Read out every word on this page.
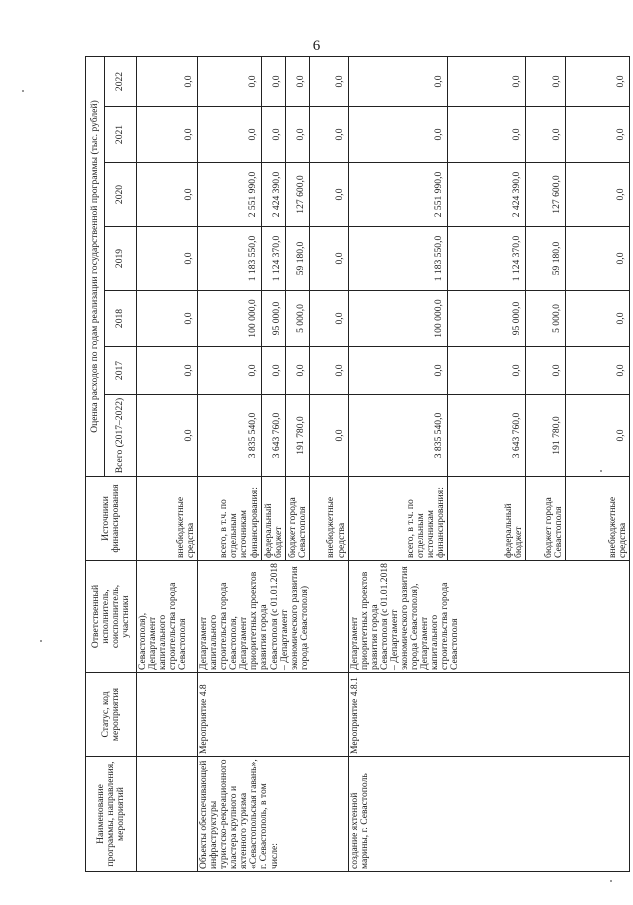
6
Наименование программы, направления, мероприятий	Статус, код мероприятия	Ответственный исполнитель, соисполнитель, участники	Источники финансирования	Оценка расходов по годам реализации государственной программы (тыс. рублей)						
				Всего (2017–2022)	2017	2018	2019	2020	2021	2022
		Севастополя), Департамент капитального строительства города Севастополя	внебюджетные средства	0,0	0,0	0,0	0,0	0,0	0,0	0,0
Объекты обеспечивающей инфраструктуры туристско-рекреационного кластера крупного и яхтенного туризма «Севастопольская гавань», г. Севастополь, в том числе:	Мероприятие 4.8	Департамент капитального строительства города Севастополя, Департамент приоритетных проектов развития города Севастополя (с 01.01.2018 – Департамент экономического развития города Севастополя)	всего, в т.ч. по отдельным источникам финансирования:	3 835 540,0	0,0	100 000,0	1 183 550,0	2 551 990,0	0,0	0,0
			федеральный бюджет	3 643 760,0	0,0	95 000,0	1 124 370,0	2 424 390,0	0,0	0,0
			бюджет города Севастополя	191 780,0	0,0	5 000,0	59 180,0	127 600,0	0,0	0,0
			внебюджетные средства	0,0	0,0	0,0	0,0	0,0	0,0	0,0
создание яхтенной марины, г. Севастополь	Мероприятие 4.8.1	Департамент приоритетных проектов развития города Севастополя (с 01.01.2018 – Департамент экономического развития города Севастополя), Департамент капитального строительства города Севастополя	всего, в т.ч. по отдельным источникам финансирования:	3 835 540,0	0,0	100 000,0	1 183 550,0	2 551 990,0	0,0	0,0
			федеральный бюджет	3 643 760,0	0,0	95 000,0	1 124 370,0	2 424 390,0	0,0	0,0
			бюджет города Севастополя	191 780,0	0,0	5 000,0	59 180,0	127 600,0	0,0	0,0
			внебюджетные средства	0,0	0,0	0,0	0,0	0,0	0,0	0,0
